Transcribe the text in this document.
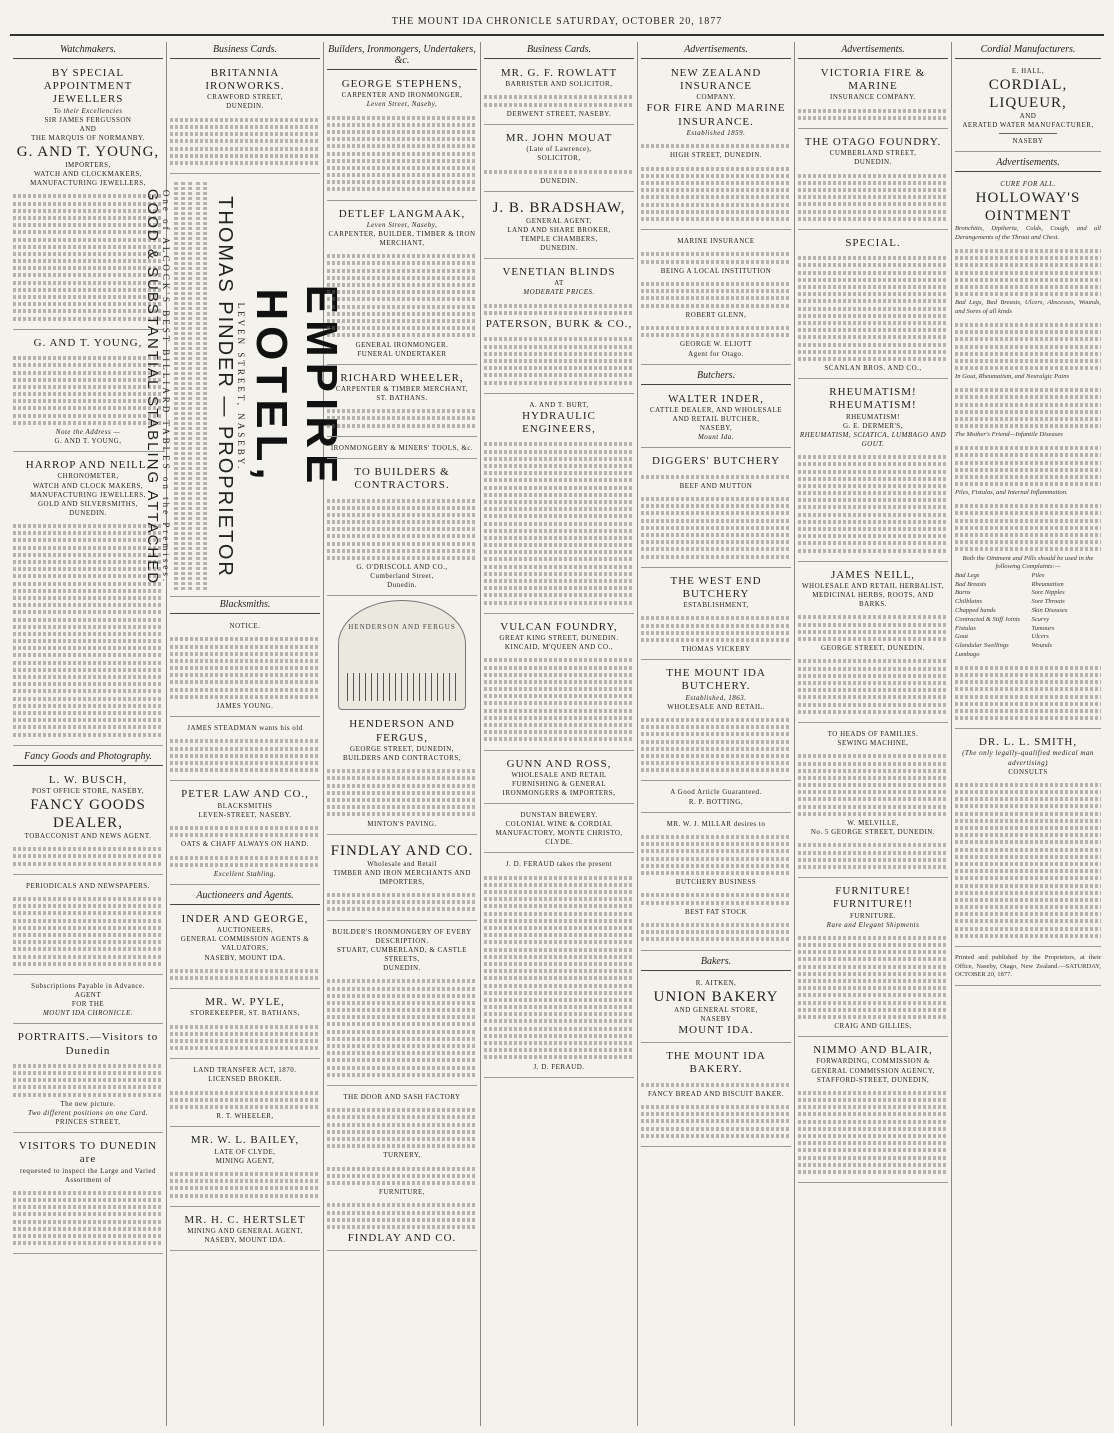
THE MOUNT IDA CHRONICLE SATURDAY, OCTOBER 20, 1877
Watchmakers.
BY SPECIAL APPOINTMENT JEWELLERS
To their Excellencies
SIR JAMES FERGUSSON
AND
THE MARQUIS OF NORMANBY.
G. AND T. YOUNG,
IMPORTERS,
WATCH AND CLOCKMAKERS,
MANUFACTURING JEWELLERS,
G. AND T. YOUNG,
Note the Address —
G. AND T. YOUNG,
HARROP AND NEILL,
CHRONOMETER,
WATCH AND CLOCK MAKERS,
MANUFACTURING JEWELLERS,
GOLD AND SILVERSMITHS,
DUNEDIN.
Fancy Goods and Photography.
L. W. BUSCH,
POST OFFICE STORE, NASEBY,
FANCY GOODS DEALER,
TOBACCONIST AND NEWS AGENT.
PERIODICALS AND NEWSPAPERS.
Subscriptions Payable in Advance.
AGENT
FOR THE
MOUNT IDA CHRONICLE.
PORTRAITS.—Visitors to Dunedin
The new picture.
Two different positions on one Card.
PRINCES STREET,
VISITORS TO DUNEDIN are
requested to inspect the Large and Varied Assortment of
Business Cards.
BRITANNIA IRONWORKS.
CRAWFORD STREET,
DUNEDIN.
EMPIRE HOTEL,
LEVEN STREET, NASEBY.
THOMAS PINDER — PROPRIETOR
One of ALCOCK'S BEST BILLIARD TABLES on the Premises.
GOOD & SUBSTANTIAL STABLING ATTACHED
Blacksmiths.
NOTICE.
JAMES YOUNG.
JAMES STEADMAN wants his old
PETER LAW AND CO.,
BLACKSMITHS
LEVEN-STREET, NASEBY.
OATS & CHAFF ALWAYS ON HAND.
Excellent Stabling.
Auctioneers and Agents.
INDER AND GEORGE,
AUCTIONEERS,
GENERAL COMMISSION AGENTS & VALUATORS,
NASEBY, MOUNT IDA.
MR. W. PYLE,
STOREKEEPER, ST. BATHANS,
LAND TRANSFER ACT, 1870.
LICENSED BROKER.
R. T. WHEELER,
MR. W. L. BAILEY,
LATE OF CLYDE,
MINING AGENT,
MR. H. C. HERTSLET
MINING AND GENERAL AGENT,
NASEBY, MOUNT IDA.
Builders, Ironmongers, Undertakers, &c.
GEORGE STEPHENS,
CARPENTER AND IRONMONGER,
Leven Street, Naseby,
DETLEF LANGMAAK,
Leven Street, Naseby,
CARPENTER, BUILDER, TIMBER & IRON MERCHANT,
GENERAL IRONMONGER.
FUNERAL UNDERTAKER
RICHARD WHEELER,
CARPENTER & TIMBER MERCHANT,
ST. BATHANS.
IRONMONGERY & MINERS' TOOLS, &c.
TO BUILDERS & CONTRACTORS.
G. O'DRISCOLL AND CO.,
Cumberland Street,
Dunedin.
HENDERSON AND FERGUS
HENDERSON AND FERGUS,
GEORGE STREET, DUNEDIN,
BUILDERS AND CONTRACTORS,
MINTON'S PAVING.
FINDLAY AND CO.
Wholesale and Retail
TIMBER AND IRON MERCHANTS AND IMPORTERS,
BUILDER'S IRONMONGERY OF EVERY DESCRIPTION.
STUART, CUMBERLAND, & CASTLE STREETS,
DUNEDIN.
THE DOOR AND SASH FACTORY
TURNERY,
FURNITURE,
FINDLAY AND CO.
Business Cards.
MR. G. F. ROWLATT
BARRISTER AND SOLICITOR,
DERWENT STREET, NASEBY.
MR. JOHN MOUAT
(Late of Lawrence),
SOLICITOR,
DUNEDIN.
J. B. BRADSHAW,
GENERAL AGENT,
LAND AND SHARE BROKER,
TEMPLE CHAMBERS,
DUNEDIN.
VENETIAN BLINDS
AT
MODERATE PRICES.
PATERSON, BURK & CO.,
A. AND T. BURT,
HYDRAULIC ENGINEERS,
VULCAN FOUNDRY,
GREAT KING STREET, DUNEDIN.
KINCAID, M'QUEEN AND CO.,
GUNN AND ROSS,
WHOLESALE AND RETAIL
FURNISHING & GENERAL IRONMONGERS & IMPORTERS,
DUNSTAN BREWERY.
COLONIAL WINE & CORDIAL MANUFACTORY, MONTE CHRISTO, CLYDE.
J. D. FERAUD takes the present
J. D. FERAUD.
Advertisements.
NEW ZEALAND INSURANCE
COMPANY.
FOR FIRE AND MARINE
INSURANCE.
Established 1859.
HIGH STREET, DUNEDIN.
MARINE INSURANCE
BEING A LOCAL INSTITUTION
ROBERT GLENN,
GEORGE W. ELIOTT
Agent for Otago.
Butchers.
WALTER INDER,
CATTLE DEALER, AND WHOLESALE AND RETAIL BUTCHER,
NASEBY,
Mount Ida.
DIGGERS' BUTCHERY
BEEF AND MUTTON
THE WEST END BUTCHERY
ESTABLISHMENT,
THOMAS VICKERY
THE MOUNT IDA BUTCHERY.
Established, 1863.
WHOLESALE AND RETAIL.
A Good Article Guaranteed.
R. P. BOTTING,
MR. W. J. MILLAR desires to
BUTCHERY BUSINESS
BEST FAT STOCK
Bakers.
R. AITKEN,
UNION BAKERY
AND GENERAL STORE,
NASEBY
MOUNT IDA.
THE MOUNT IDA BAKERY.
FANCY BREAD AND BISCUIT BAKER.
Advertisements.
VICTORIA FIRE & MARINE
INSURANCE COMPANY.
THE OTAGO FOUNDRY.
CUMBERLAND STREET,
DUNEDIN.
SPECIAL.
SCANLAN BROS. AND CO.,
RHEUMATISM! RHEUMATISM!
RHEUMATISM!
G. E. DERMER'S,
RHEUMATISM, SCIATICA, LUMBAGO AND GOUT.
JAMES NEILL,
WHOLESALE AND RETAIL HERBALIST,
MEDICINAL HERBS, ROOTS, AND BARKS.
GEORGE STREET, DUNEDIN.
TO HEADS OF FAMILIES.
SEWING MACHINE,
W. MELVILLE,
No. 5 GEORGE STREET, DUNEDIN.
FURNITURE! FURNITURE!!
FURNITURE.
Rare and Elegant Shipments
CRAIG AND GILLIES,
NIMMO AND BLAIR,
FORWARDING, COMMISSION & GENERAL COMMISSION AGENCY,
STAFFORD-STREET, DUNEDIN,
Cordial Manufacturers.
E. HALL,
CORDIAL, LIQUEUR,
AND
AERATED WATER MANUFACTURER,
NASEBY
Advertisements.
CURE FOR ALL.
HOLLOWAY'S OINTMENT
Bronchitis, Diptheria, Colds, Cough, and all Derangements of the Throat and Chest.
Bad Legs, Bad Breasts, Ulcers, Abscesses, Wounds, and Sores of all kinds
In Gout, Rheumatism, and Neuralgic Pains
The Mother's Friend—Infantile Diseases
Piles, Fistulas, and Internal Inflammation.
Both the Ointment and Pills should be used in the following Complaints:—
Bad Legs
Bad Breasts
Burns
Chilblains
Chapped hands
Contracted & Stiff Joints
Fistulas
Gout
Glandular Swellings
Lumbago
Piles
Rheumatism
Sore Nipples
Sore Throats
Skin Diseases
Scurvy
Tumours
Ulcers
Wounds
DR. L. L. SMITH,
(The only legally-qualified medical man advertising)
CONSULTS
Printed and published by the Proprietors, at their Office, Naseby, Otago, New Zealand.—SATURDAY, OCTOBER 20, 1877.
